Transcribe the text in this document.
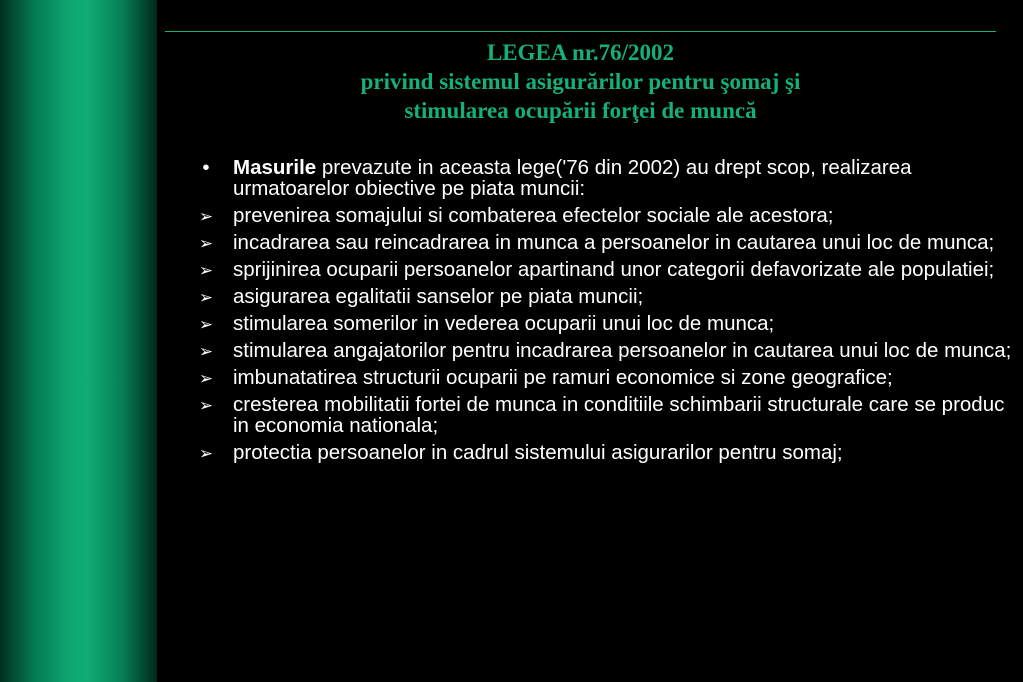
LEGEA nr.76/2002
privind sistemul asigurărilor pentru şomaj şi
stimularea ocupării forţei de muncă
•	Masurile prevazute in aceasta lege('76 din 2002) au drept scop, realizarea urmatoarelor obiective pe piata muncii:
➢ prevenirea somajului si combaterea efectelor sociale ale acestora;
➢ incadrarea sau reincadrarea in munca a persoanelor in cautarea unui loc de munca;
➢ sprijinirea ocuparii persoanelor apartinand unor categorii defavorizate ale populatiei;
➢ asigurarea egalitatii sanselor pe piata muncii;
➢ stimularea somerilor in vederea ocuparii unui loc de munca;
➢ stimularea angajatorilor pentru incadrarea persoanelor in cautarea unui loc de munca;
➢ imbunatatirea structurii ocuparii pe ramuri economice si zone geografice;
➢ cresterea mobilitatii fortei de munca in conditiile schimbarii structurale care se produc in economia nationala;
➢ protectia persoanelor in cadrul sistemului asigurarilor pentru somaj;
